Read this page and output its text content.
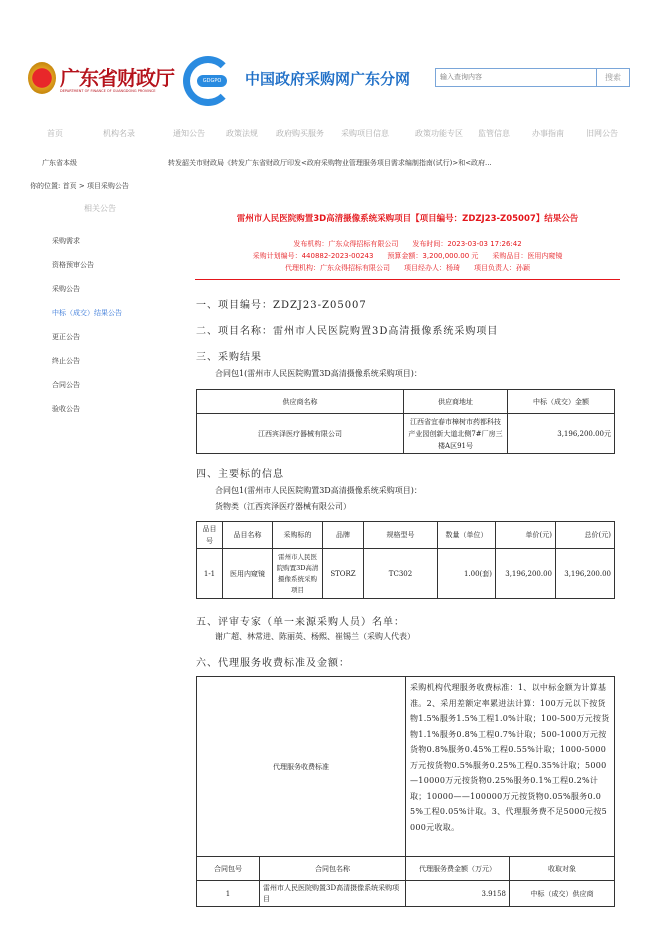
广东省财政厅
DEPARTMENT OF FINANCE OF GUANGDONG PROVINCE
GDGPO	中国政府采购网广东分网
输入查询内容	搜索
首页	机构名录	通知公告	政策法规 政府购买服务 采购项目信息	政策功能专区 监管信息	办事指南	旧网公告
广东省本级	转发韶关市财政局《转发广东省财政厅印发<政府采购物业管理服务项目需求编制指南(试行)>和<政府...
你的位置: 首页 > 项目采购公告
相关公告
采购需求
资格预审公告
采购公告
中标（成交）结果公告
更正公告
终止公告
合同公告
验收公告
雷州市人民医院购置3D高清摄像系统采购项目【项目编号：ZDZJ23-Z05007】结果公告
发布机构：广东众得招标有限公司　　发布时间：2023-03-03 17:26:42
采购计划编号：440882-2023-00243　　预算金额：3,200,000.00 元　　采购品目：医用内窥镜
代理机构：广东众得招标有限公司　　项目经办人：杨琦　　项目负责人：孙颖
一、项目编号：ZDZJ23-Z05007
二、项目名称：雷州市人民医院购置3D高清摄像系统采购项目
三、采购结果
合同包1(雷州市人民医院购置3D高清摄像系统采购项目)：
供应商名称	供应商地址	中标（成交）金额
江西宾泽医疗器械有限公司	江西省宜春市樟树市药都科技产业园创新大道北侧7#厂房三楼A区91号	3,196,200.00元
四、主要标的信息
合同包1(雷州市人民医院购置3D高清摄像系统采购项目)：
货物类（江西宾泽医疗器械有限公司）
品目号	品目名称	采购标的	品牌	规格型号	数量（单位）	单价(元)	总价(元)
1-1	医用内窥镜	雷州市人民医院购置3D高清摄像系统采购项目	STORZ	TC302	1.00(套)	3,196,200.00	3,196,200.00
五、评审专家（单一来源采购人员）名单：
谢广超、林常进、陈丽英、杨熙、崔锡兰（采购人代表）
六、代理服务收费标准及金额：
代理服务收费标准		采购机构代理服务收费标准：1、以中标金额为计算基准。2、采用差额定率累进法计算：100万元以下按货物1.5%服务1.5%工程1.0%计取；100-500万元按货物1.1%服务0.8%工程0.7%计取；500-1000万元按货物0.8%服务0.45%工程0.55%计取；1000-5000万元按货物0.5%服务0.25%工程0.35%计取；5000—10000万元按货物0.25%服务0.1%工程0.2%计取；10000——100000万元按货物0.05%服务0.05%工程0.05%计取。3、代理服务费不足5000元按5000元收取。	
合同包号	合同包名称	代理服务费金额（万元）	收取对象
1	雷州市人民医院购置3D高清摄像系统采购项目	3.9158	中标（成交）供应商
